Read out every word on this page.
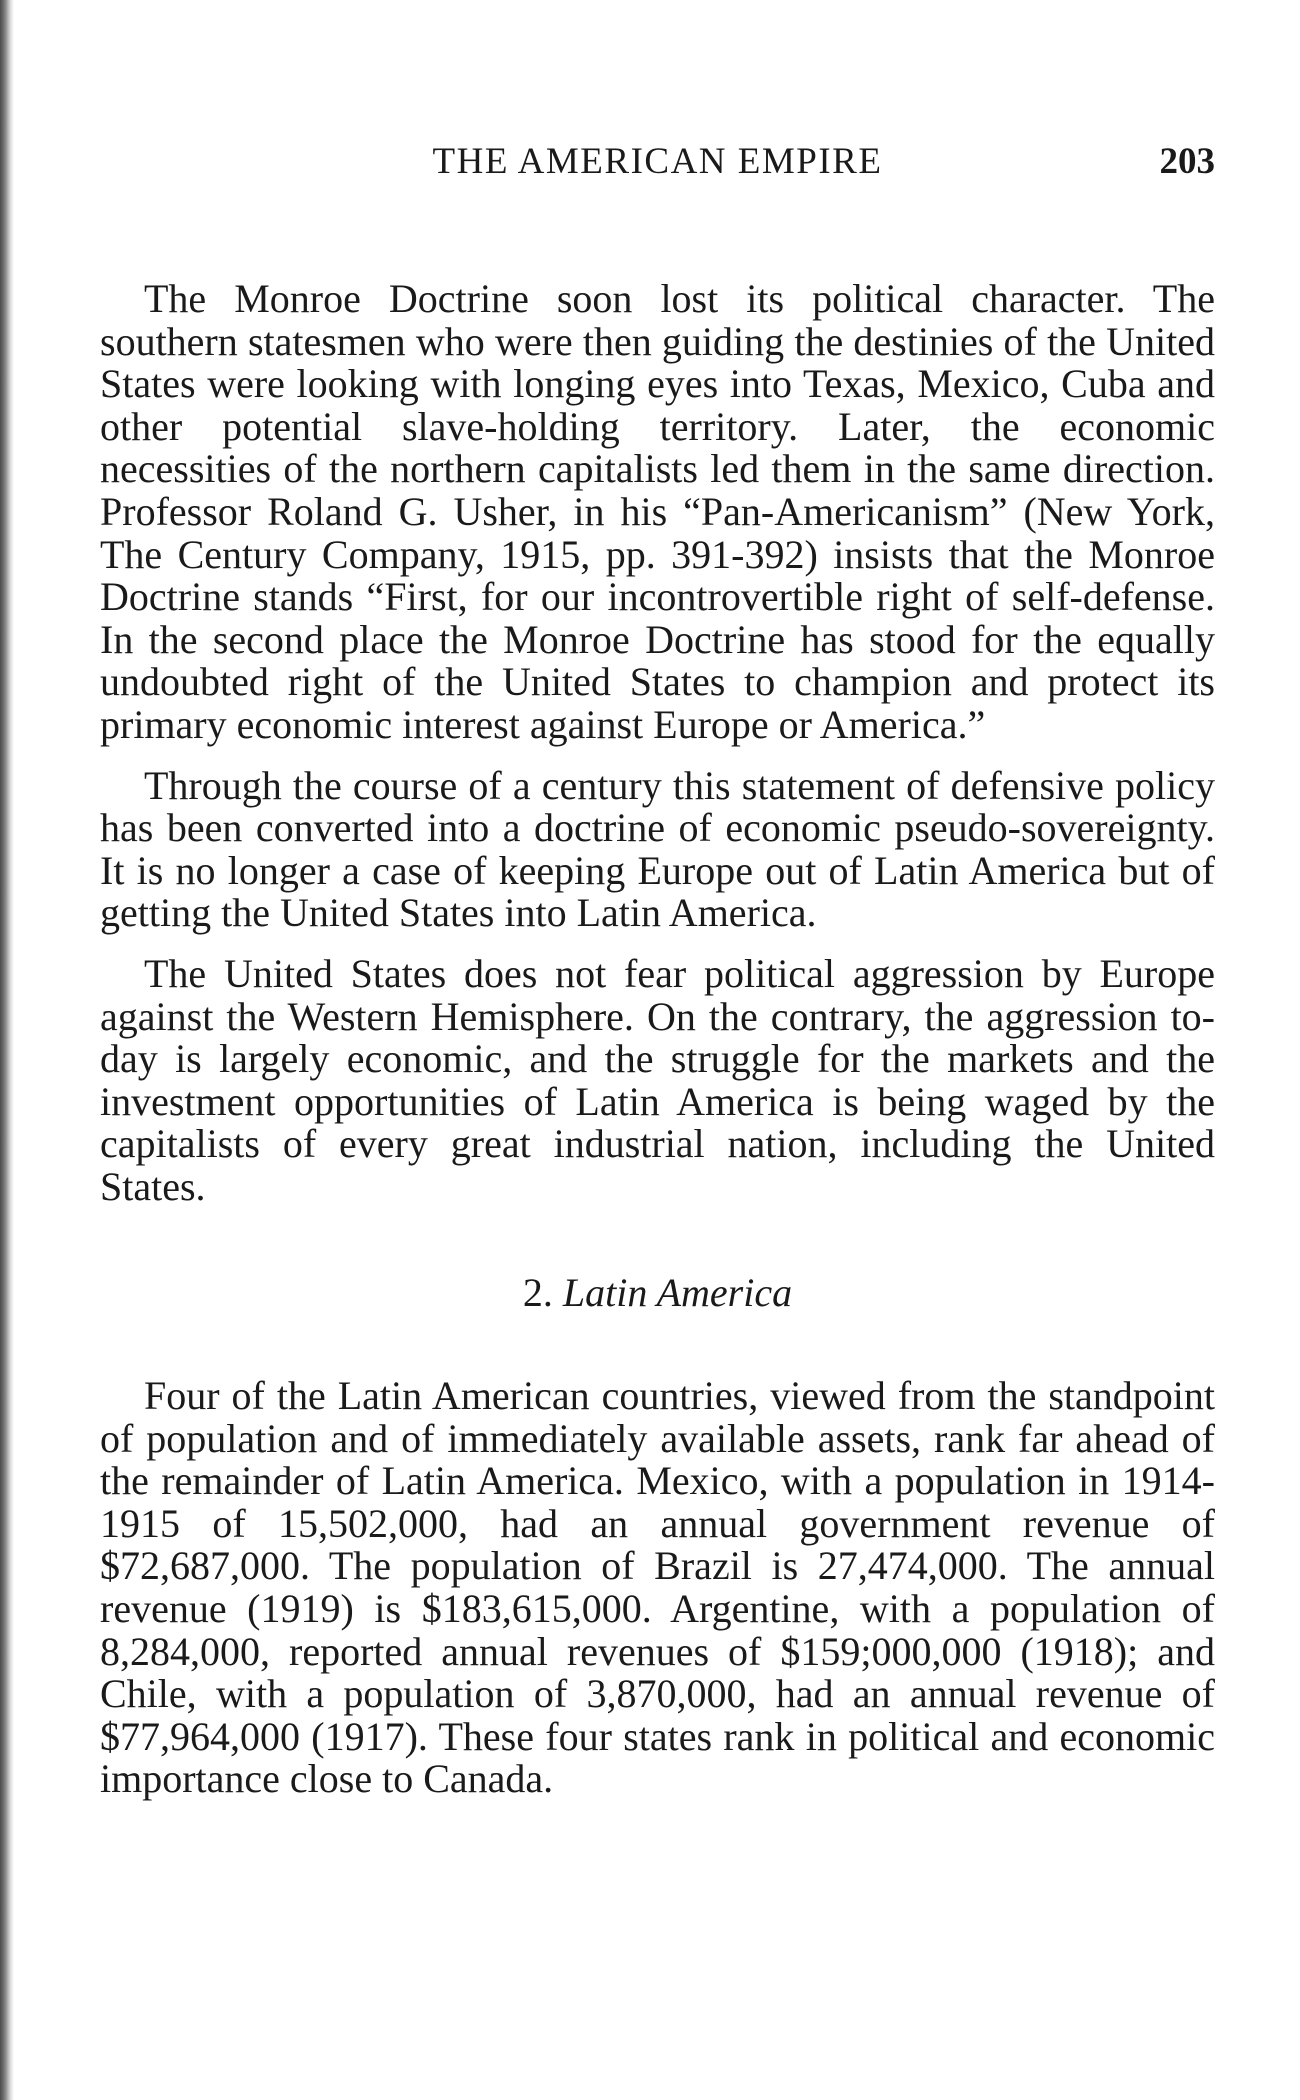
THE AMERICAN EMPIRE	203

The Monroe Doctrine soon lost its political character. The southern statesmen who were then guiding the destinies of the United States were looking with longing eyes into Texas, Mexico, Cuba and other potential slave-holding territory. Later, the economic necessities of the northern capitalists led them in the same direction. Professor Roland G. Usher, in his “Pan-Americanism” (New York, The Century Company, 1915, pp. 391-392) insists that the Monroe Doctrine stands “First, for our incontrovertible right of self-defense. In the second place the Monroe Doctrine has stood for the equally undoubted right of the United States to champion and protect its primary economic interest against Europe or America.”

Through the course of a century this statement of defensive policy has been converted into a doctrine of economic pseudo-sovereignty. It is no longer a case of keeping Europe out of Latin America but of getting the United States into Latin America.

The United States does not fear political aggression by Europe against the Western Hemisphere. On the contrary, the aggression to-day is largely economic, and the struggle for the markets and the investment opportunities of Latin America is being waged by the capitalists of every great industrial nation, including the United States.

2. Latin America

Four of the Latin American countries, viewed from the standpoint of population and of immediately available assets, rank far ahead of the remainder of Latin America. Mexico, with a population in 1914-1915 of 15,502,000, had an annual government revenue of $72,687,000. The population of Brazil is 27,474,000. The annual revenue (1919) is $183,615,000. Argentine, with a population of 8,284,000, reported annual revenues of $159;000,000 (1918); and Chile, with a population of 3,870,000, had an annual revenue of $77,964,000 (1917). These four states rank in political and economic importance close to Canada.
